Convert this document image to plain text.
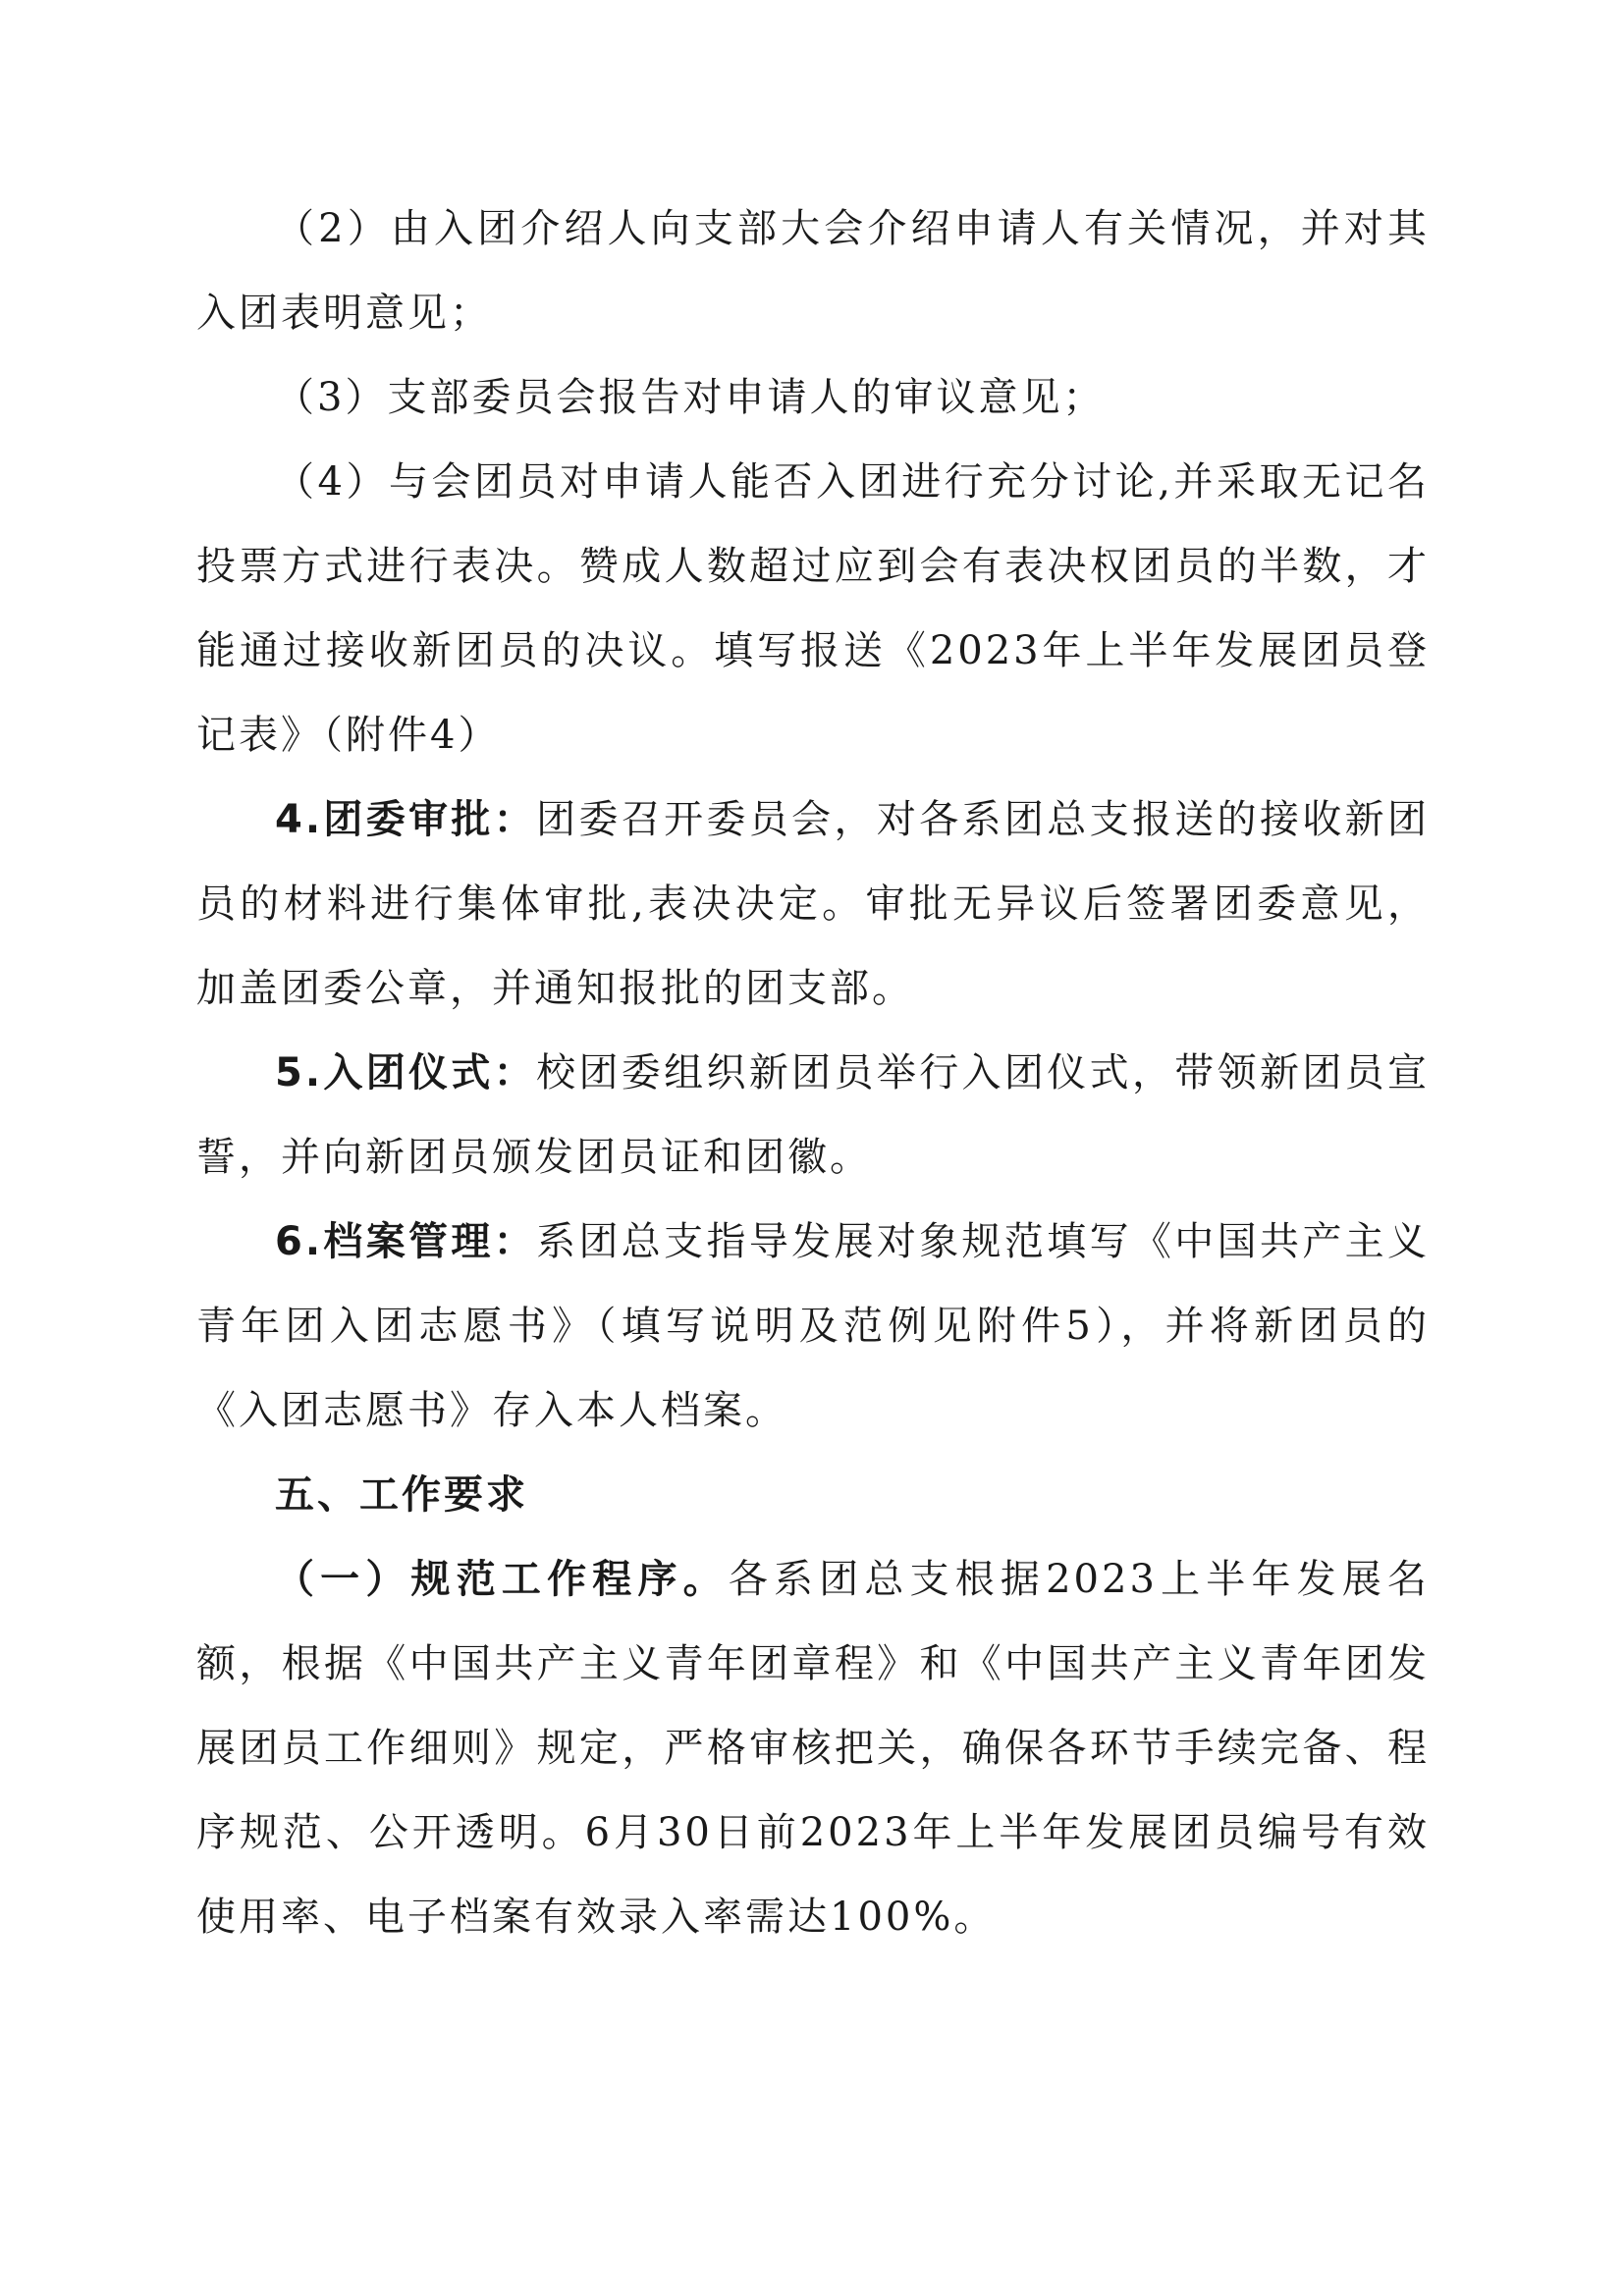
（2）由入团介绍人向支部大会介绍申请人有关情况，并对其入团表明意见；

（3）支部委员会报告对申请人的审议意见；

（4）与会团员对申请人能否入团进行充分讨论,并采取无记名投票方式进行表决。赞成人数超过应到会有表决权团员的半数，才能通过接收新团员的决议。填写报送《2023年上半年发展团员登记表》（附件4）

4.团委审批：团委召开委员会，对各系团总支报送的接收新团员的材料进行集体审批,表决决定。审批无异议后签署团委意见，加盖团委公章，并通知报批的团支部。

5.入团仪式：校团委组织新团员举行入团仪式，带领新团员宣誓，并向新团员颁发团员证和团徽。

6.档案管理：系团总支指导发展对象规范填写《中国共产主义青年团入团志愿书》（填写说明及范例见附件5），并将新团员的《入团志愿书》存入本人档案。

五、工作要求

（一）规范工作程序。各系团总支根据2023上半年发展名额，根据《中国共产主义青年团章程》和《中国共产主义青年团发展团员工作细则》规定，严格审核把关，确保各环节手续完备、程序规范、公开透明。6月30日前2023年上半年发展团员编号有效使用率、电子档案有效录入率需达100%。
